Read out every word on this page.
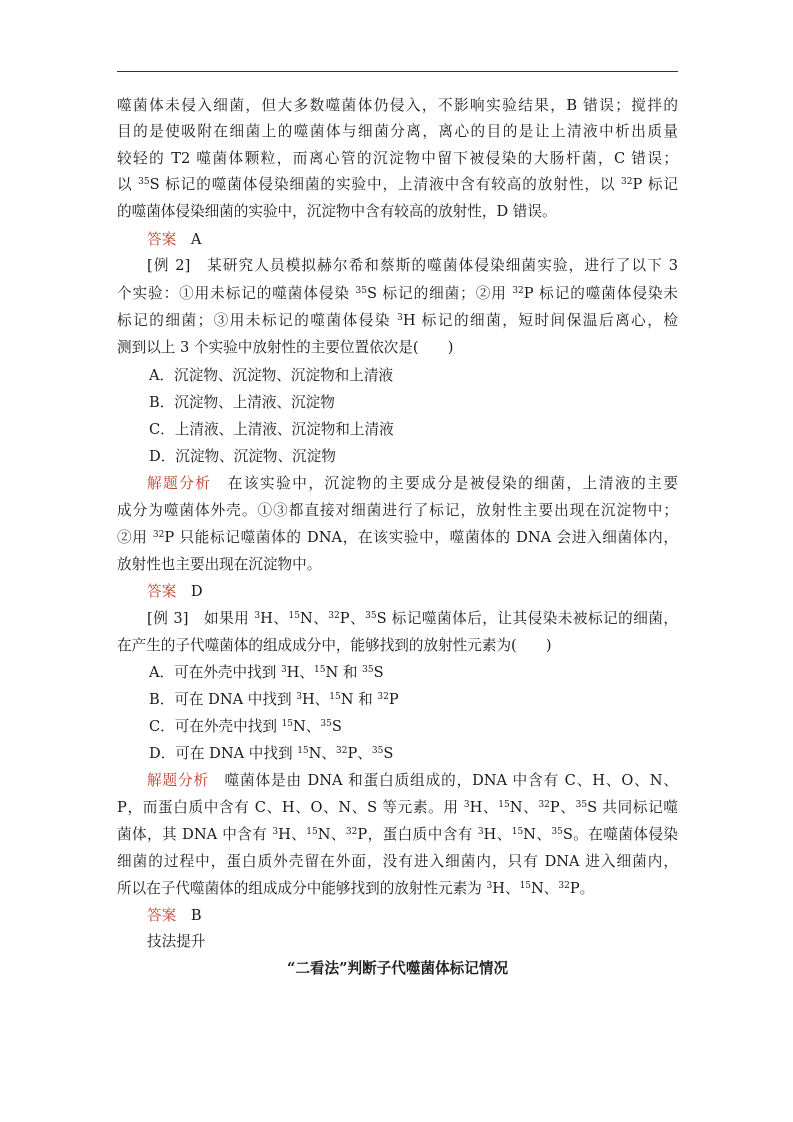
噬菌体未侵入细菌，但大多数噬菌体仍侵入，不影响实验结果，B 错误；搅拌的
目的是使吸附在细菌上的噬菌体与细菌分离，离心的目的是让上清液中析出质量
较轻的 T2 噬菌体颗粒，而离心管的沉淀物中留下被侵染的大肠杆菌，C 错误；
以 $^{35}$S 标记的噬菌体侵染细菌的实验中，上清液中含有较高的放射性，以 $^{32}$P 标记
的噬菌体侵染细菌的实验中，沉淀物中含有较高的放射性，D 错误。
答案　 A
[例 2]　 某研究人员模拟赫尔希和蔡斯的噬菌体侵染细菌实验，进行了以下 3
个实验：①用未标记的噬菌体侵染 $^{35}$S 标记的细菌；②用 $^{32}$P 标记的噬菌体侵染未
标记的细菌；③用未标记的噬菌体侵染 $^3$H 标记的细菌，短时间保温后离心，检
测到以上 3 个实验中放射性的主要位置依次是(　　)
A．沉淀物、沉淀物、沉淀物和上清液
B．沉淀物、上清液、沉淀物
C．上清液、上清液、沉淀物和上清液
D．沉淀物、沉淀物、沉淀物
解题分析　 在该实验中，沉淀物的主要成分是被侵染的细菌，上清液的主要
成分为噬菌体外壳。①③都直接对细菌进行了标记，放射性主要出现在沉淀物中；
②用 $^{32}$P 只能标记噬菌体的 DNA，在该实验中，噬菌体的 DNA 会进入细菌体内，
放射性也主要出现在沉淀物中。
答案　 D
[例 3]　 如果用 $^3$H、$^{15}$N、$^{32}$P、$^{35}$S 标记噬菌体后，让其侵染未被标记的细菌，
在产生的子代噬菌体的组成成分中，能够找到的放射性元素为(　　)
A．可在外壳中找到 $^3$H、$^{15}$N 和 $^{35}$S
B．可在 DNA 中找到 $^3$H、$^{15}$N 和 $^{32}$P
C．可在外壳中找到 $^{15}$N、$^{35}$S
D．可在 DNA 中找到 $^{15}$N、$^{32}$P、$^{35}$S
解题分析　 噬菌体是由 DNA 和蛋白质组成的，DNA 中含有 C、H、O、N、
P，而蛋白质中含有 C、H、O、N、S 等元素。用 $^3$H、$^{15}$N、$^{32}$P、$^{35}$S 共同标记噬
菌体，其 DNA 中含有 $^3$H、$^{15}$N、$^{32}$P，蛋白质中含有 $^3$H、$^{15}$N、$^{35}$S。在噬菌体侵染
细菌的过程中，蛋白质外壳留在外面，没有进入细菌内，只有 DNA 进入细菌内，
所以在子代噬菌体的组成成分中能够找到的放射性元素为 $^3$H、$^{15}$N、$^{32}$P。
答案　 B
技法提升
“二看法”判断子代噬菌体标记情况
